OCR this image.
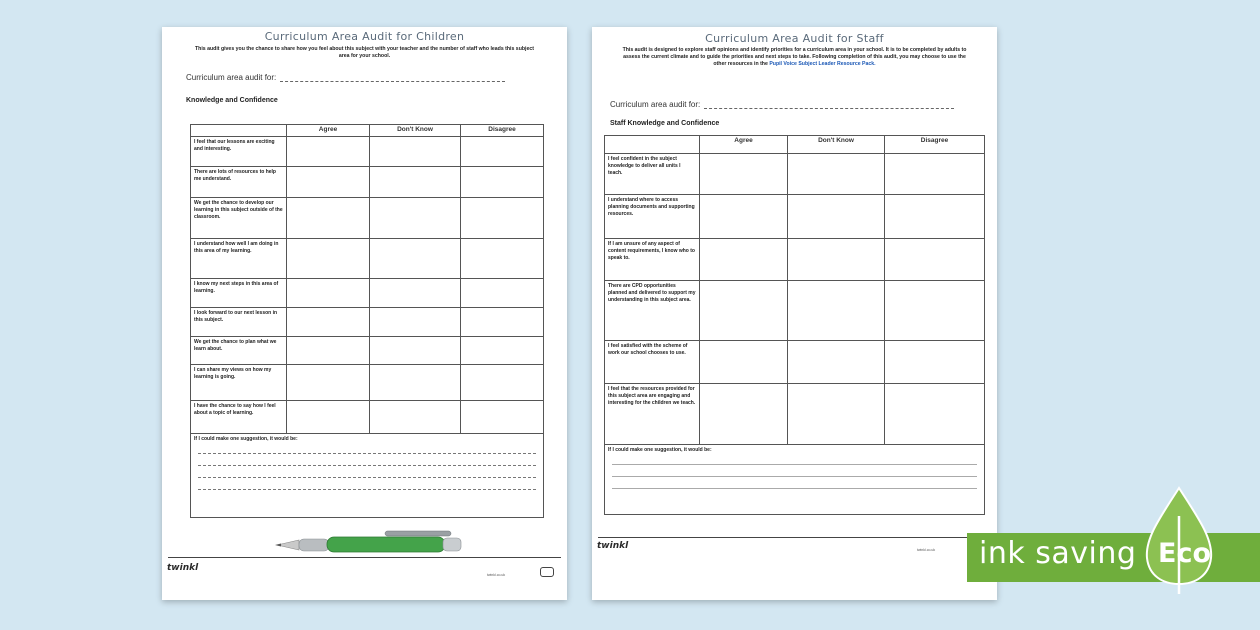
Curriculum Area Audit for Children
This audit gives you the chance to share how you feel about this subject with your teacher and the number of staff who leads this subject area for your school.
Curriculum area audit for:
Knowledge and Confidence
	Agree	Don't Know	Disagree
I feel that our lessons are exciting and interesting.			
There are lots of resources to help me understand.			
We get the chance to develop our learning in this subject outside of the classroom.			
I understand how well I am doing in this area of my learning.			
I know my next steps in this area of learning.			
I look forward to our next lesson in this subject.			
We get the chance to plan what we learn about.			
I can share my views on how my learning is going.			
I have the chance to say how I feel about a topic of learning.			

If I could make one suggestion, it would be:			
twinkl
twinkl.co.uk
Curriculum Area Audit for Staff
This audit is designed to explore staff opinions and identify priorities for a curriculum area in your school. It is to be completed by adults to assess the current climate and to guide the priorities and next steps to take. Following completion of this audit, you may choose to use the other resources in the Pupil Voice Subject Leader Resource Pack.
Curriculum area audit for:
Staff Knowledge and Confidence
	Agree	Don't Know	Disagree
I feel confident in the subject knowledge to deliver all units I teach.			
I understand where to access planning documents and supporting resources.			
If I am unsure of any aspect of content requirements, I know who to speak to.			
There are CPD opportunities planned and delivered to support my understanding in this subject area.			
I feel satisfied with the scheme of work our school chooses to use.			
I feel that the resources provided for this subject area are engaging and interesting for the children we teach.			

If I could make one suggestion, it would be:			
twinkl	twinkl.co.uk ink saving Eco
